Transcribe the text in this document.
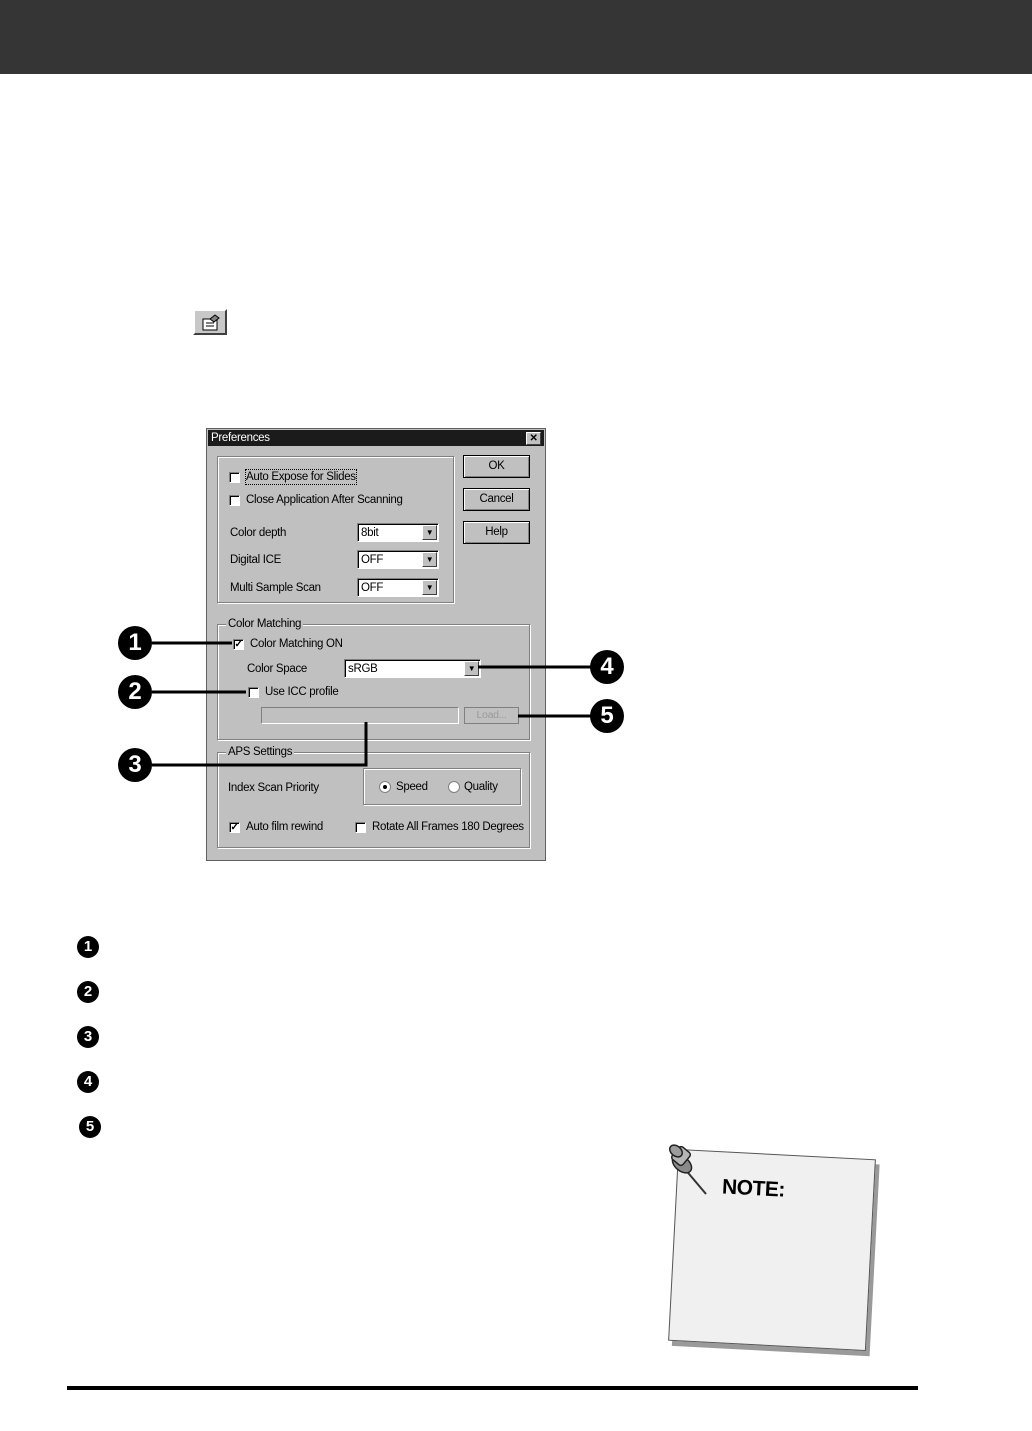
Preferences	✕
Auto Expose for Slides
Close Application After Scanning
Color depth	8bit	▼
Digital ICE	OFF	▼
Multi Sample Scan	OFF	▼
OK
Cancel
Help
Color Matching
✓ Color Matching ON
Color Space	sRGB	▼
Use ICC profile
Load...
APS Settings
Index Scan Priority	Speed	Quality
✓ Auto film rewind	Rotate All Frames 180 Degrees
1
2
3
4
5
1
2
3
4
5
NOTE:
